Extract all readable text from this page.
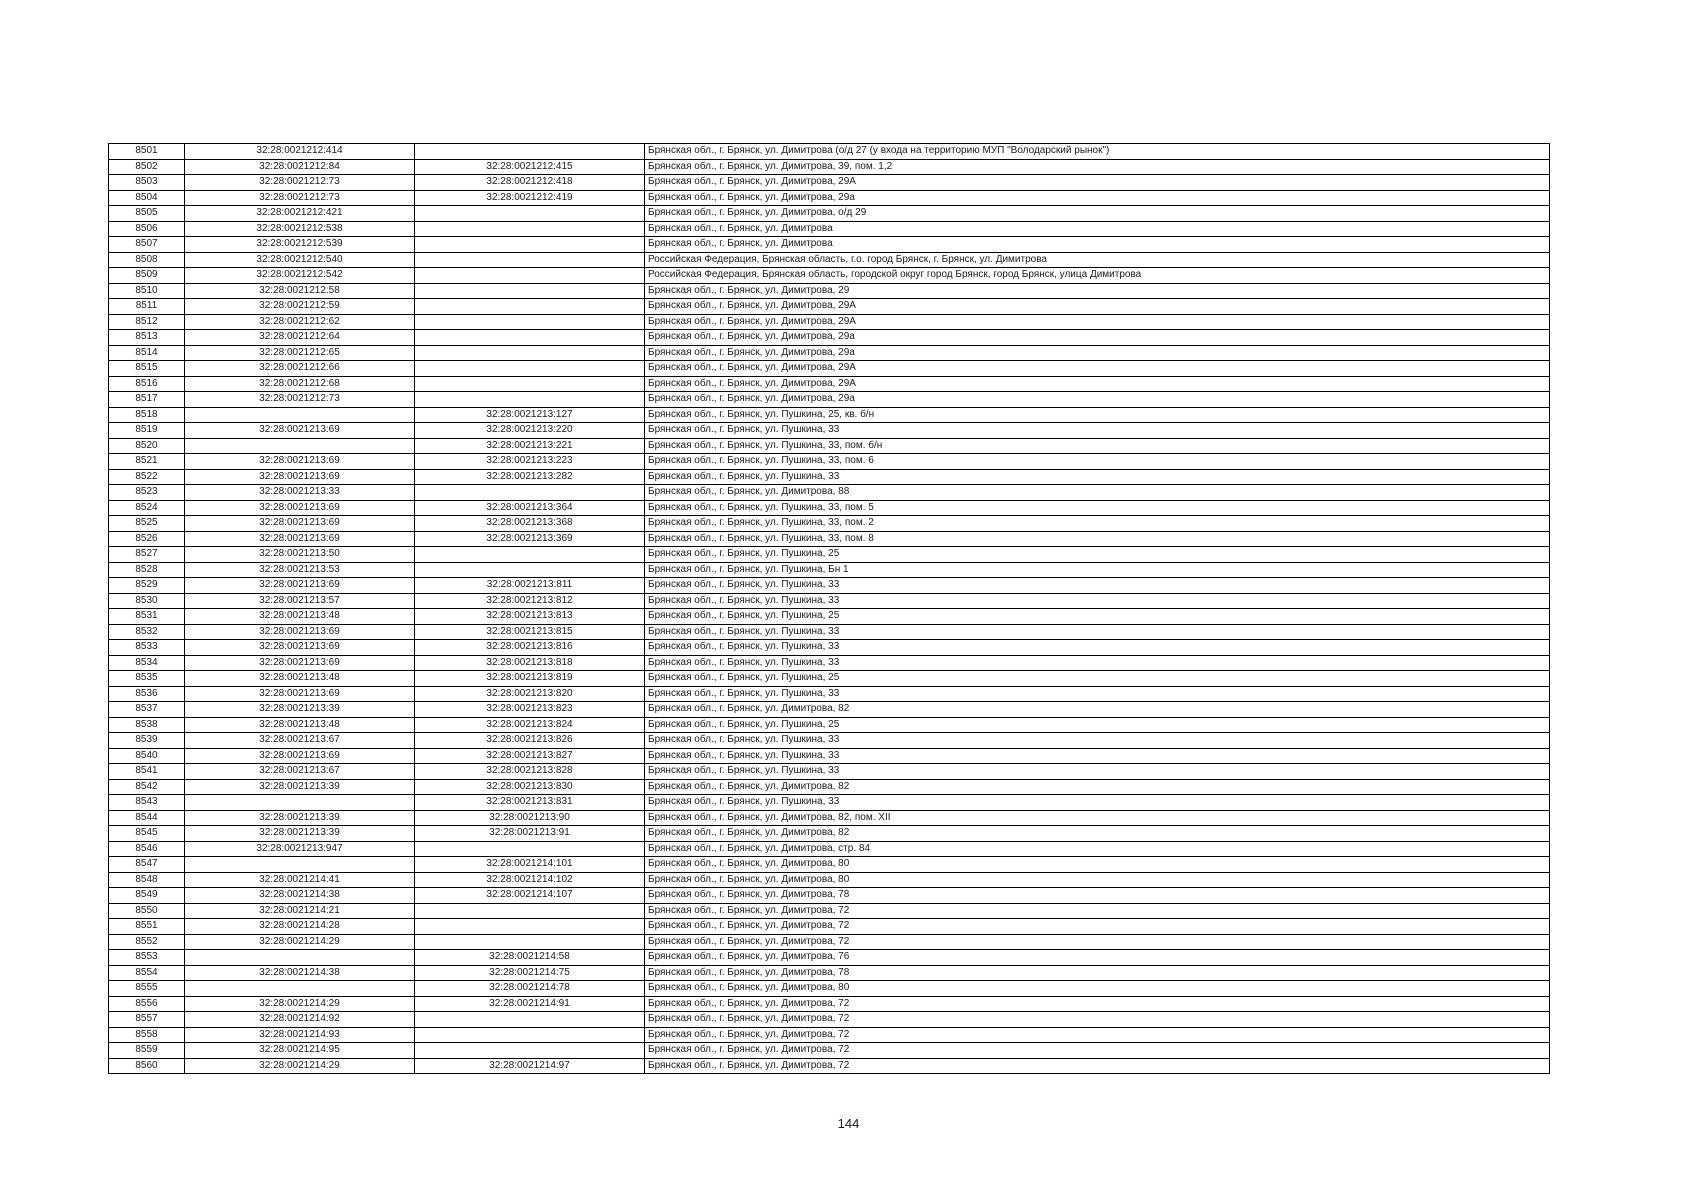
8501	32:28:0021212:414		Брянская обл., г. Брянск, ул. Димитрова (о/д 27 (у входа на территорию МУП "Володарский рынок")
8502	32:28:0021212:84	32:28:0021212:415	Брянская обл., г. Брянск, ул. Димитрова, 39, пом. 1,2
8503	32:28:0021212:73	32:28:0021212:418	Брянская обл., г. Брянск, ул. Димитрова, 29А
8504	32:28:0021212:73	32:28:0021212:419	Брянская обл., г. Брянск, ул. Димитрова, 29а
8505	32:28:0021212:421		Брянская обл., г. Брянск, ул. Димитрова, о/д 29
8506	32:28:0021212:538		Брянская обл., г. Брянск, ул. Димитрова
8507	32:28:0021212:539		Брянская обл., г. Брянск, ул. Димитрова
8508	32:28:0021212:540		Российская Федерация, Брянская область, г.о. город Брянск, г. Брянск, ул. Димитрова
8509	32:28:0021212:542		Российская Федерация, Брянская область, городской округ город Брянск, город Брянск, улица Димитрова
8510	32:28:0021212:58		Брянская обл., г. Брянск, ул. Димитрова, 29
8511	32:28:0021212:59		Брянская обл., г. Брянск, ул. Димитрова, 29А
8512	32:28:0021212:62		Брянская обл., г. Брянск, ул. Димитрова, 29А
8513	32:28:0021212:64		Брянская обл., г. Брянск, ул. Димитрова, 29а
8514	32:28:0021212:65		Брянская обл., г. Брянск, ул. Димитрова, 29а
8515	32:28:0021212:66		Брянская обл., г. Брянск, ул. Димитрова, 29А
8516	32:28:0021212:68		Брянская обл., г. Брянск, ул. Димитрова, 29А
8517	32:28:0021212:73		Брянская обл., г. Брянск, ул. Димитрова, 29а
8518		32:28:0021213:127	Брянская обл., г. Брянск, ул. Пушкина, 25, кв. б/н
8519	32:28:0021213:69	32:28:0021213:220	Брянская обл., г. Брянск, ул. Пушкина, 33
8520		32:28:0021213:221	Брянская обл., г. Брянск, ул. Пушкина, 33, пом. б/н
8521	32:28:0021213:69	32:28:0021213:223	Брянская обл., г. Брянск, ул. Пушкина, 33, пом. 6
8522	32:28:0021213:69	32:28:0021213:282	Брянская обл., г. Брянск, ул. Пушкина, 33
8523	32:28:0021213:33		Брянская обл., г. Брянск, ул. Димитрова, 88
8524	32:28:0021213:69	32:28:0021213:364	Брянская обл., г. Брянск, ул. Пушкина, 33, пом. 5
8525	32:28:0021213:69	32:28:0021213:368	Брянская обл., г. Брянск, ул. Пушкина, 33, пом. 2
8526	32:28:0021213:69	32:28:0021213:369	Брянская обл., г. Брянск, ул. Пушкина, 33, пом. 8
8527	32:28:0021213:50		Брянская обл., г. Брянск, ул. Пушкина, 25
8528	32:28:0021213:53		Брянская обл., г. Брянск, ул. Пушкина, Бн 1
8529	32:28:0021213:69	32:28:0021213:811	Брянская обл., г. Брянск, ул. Пушкина, 33
8530	32:28:0021213:57	32:28:0021213:812	Брянская обл., г. Брянск, ул. Пушкина, 33
8531	32:28:0021213:48	32:28:0021213:813	Брянская обл., г. Брянск, ул. Пушкина, 25
8532	32:28:0021213:69	32:28:0021213:815	Брянская обл., г. Брянск, ул. Пушкина, 33
8533	32:28:0021213:69	32:28:0021213:816	Брянская обл., г. Брянск, ул. Пушкина, 33
8534	32:28:0021213:69	32:28:0021213:818	Брянская обл., г. Брянск, ул. Пушкина, 33
8535	32:28:0021213:48	32:28:0021213:819	Брянская обл., г. Брянск, ул. Пушкина, 25
8536	32:28:0021213:69	32:28:0021213:820	Брянская обл., г. Брянск, ул. Пушкина, 33
8537	32:28:0021213:39	32:28:0021213:823	Брянская обл., г. Брянск, ул. Димитрова, 82
8538	32:28:0021213:48	32:28:0021213:824	Брянская обл., г. Брянск, ул. Пушкина, 25
8539	32:28:0021213:67	32:28:0021213:826	Брянская обл., г. Брянск, ул. Пушкина, 33
8540	32:28:0021213:69	32:28:0021213:827	Брянская обл., г. Брянск, ул. Пушкина, 33
8541	32:28:0021213:67	32:28:0021213:828	Брянская обл., г. Брянск, ул. Пушкина, 33
8542	32:28:0021213:39	32:28:0021213:830	Брянская обл., г. Брянск, ул. Димитрова, 82
8543		32:28:0021213:831	Брянская обл., г. Брянск, ул. Пушкина, 33
8544	32:28:0021213:39	32:28:0021213:90	Брянская обл., г. Брянск, ул. Димитрова, 82, пом. XII
8545	32:28:0021213:39	32:28:0021213:91	Брянская обл., г. Брянск, ул. Димитрова, 82
8546	32:28:0021213:947		Брянская обл., г. Брянск, ул. Димитрова, стр. 84
8547		32:28:0021214:101	Брянская обл., г. Брянск, ул. Димитрова, 80
8548	32:28:0021214:41	32:28:0021214:102	Брянская обл., г. Брянск, ул. Димитрова, 80
8549	32:28:0021214:38	32:28:0021214:107	Брянская обл., г. Брянск, ул. Димитрова, 78
8550	32:28:0021214:21		Брянская обл., г. Брянск, ул. Димитрова, 72
8551	32:28:0021214:28		Брянская обл., г. Брянск, ул. Димитрова, 72
8552	32:28:0021214:29		Брянская обл., г. Брянск, ул. Димитрова, 72
8553		32:28:0021214:58	Брянская обл., г. Брянск, ул. Димитрова, 76
8554	32:28:0021214:38	32:28:0021214:75	Брянская обл., г. Брянск, ул. Димитрова, 78
8555		32:28:0021214:78	Брянская обл., г. Брянск, ул. Димитрова, 80
8556	32:28:0021214:29	32:28:0021214:91	Брянская обл., г. Брянск, ул. Димитрова, 72
8557	32:28:0021214:92		Брянская обл., г. Брянск, ул. Димитрова, 72
8558	32:28:0021214:93		Брянская обл., г. Брянск, ул. Димитрова, 72
8559	32:28:0021214:95		Брянская обл., г. Брянск, ул. Димитрова, 72
8560	32:28:0021214:29	32:28:0021214:97	Брянская обл., г. Брянск, ул. Димитрова, 72
144
